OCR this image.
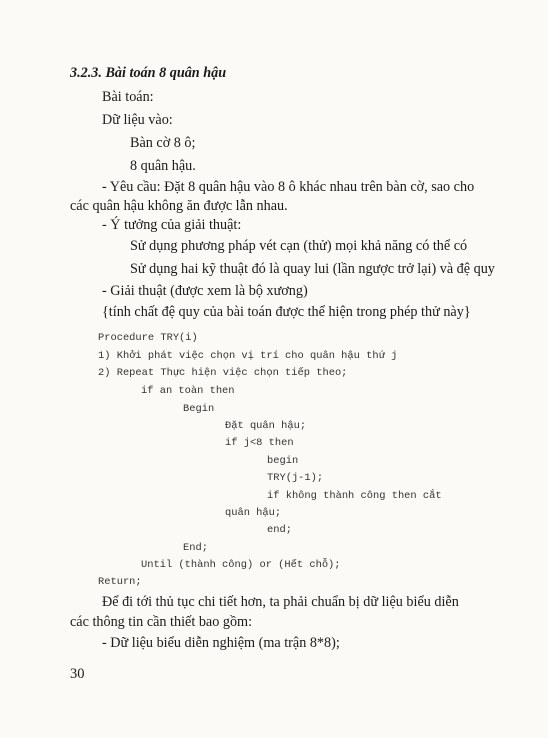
3.2.3. Bài toán 8 quân hậu
Bài toán:
Dữ liệu vào:
Bàn cờ 8 ô;
8 quân hậu.
- Yêu cầu: Đặt 8 quân hậu vào 8 ô khác nhau trên bàn cờ, sao cho
các quân hậu không ăn được lẫn nhau.
- Ý tưởng của giải thuật:
Sử dụng phương pháp vét cạn (thử) mọi khả năng có thể có
Sử dụng hai kỹ thuật đó là quay lui (lần ngược trở lại) và đệ quy
- Giải thuật (được xem là bộ xương)
{tính chất đệ quy của bài toán được thể hiện trong phép thử này}
Procedure TRY(i)
1) Khởi phát việc chọn vị trí cho quân hậu thứ j
2) Repeat Thực hiện việc chọn tiếp theo;
if an toàn then
Begin
Đặt quân hậu;
if j<8 then
begin
TRY(j-1);
if không thành công then cắt
quân hậu;
end;
End;
Until (thành công) or (Hết chỗ);
Return;
Để đi tới thủ tục chi tiết hơn, ta phải chuẩn bị dữ liệu biểu diễn
các thông tin cần thiết bao gồm:
- Dữ liệu biểu diễn nghiệm (ma trận 8*8);
30
